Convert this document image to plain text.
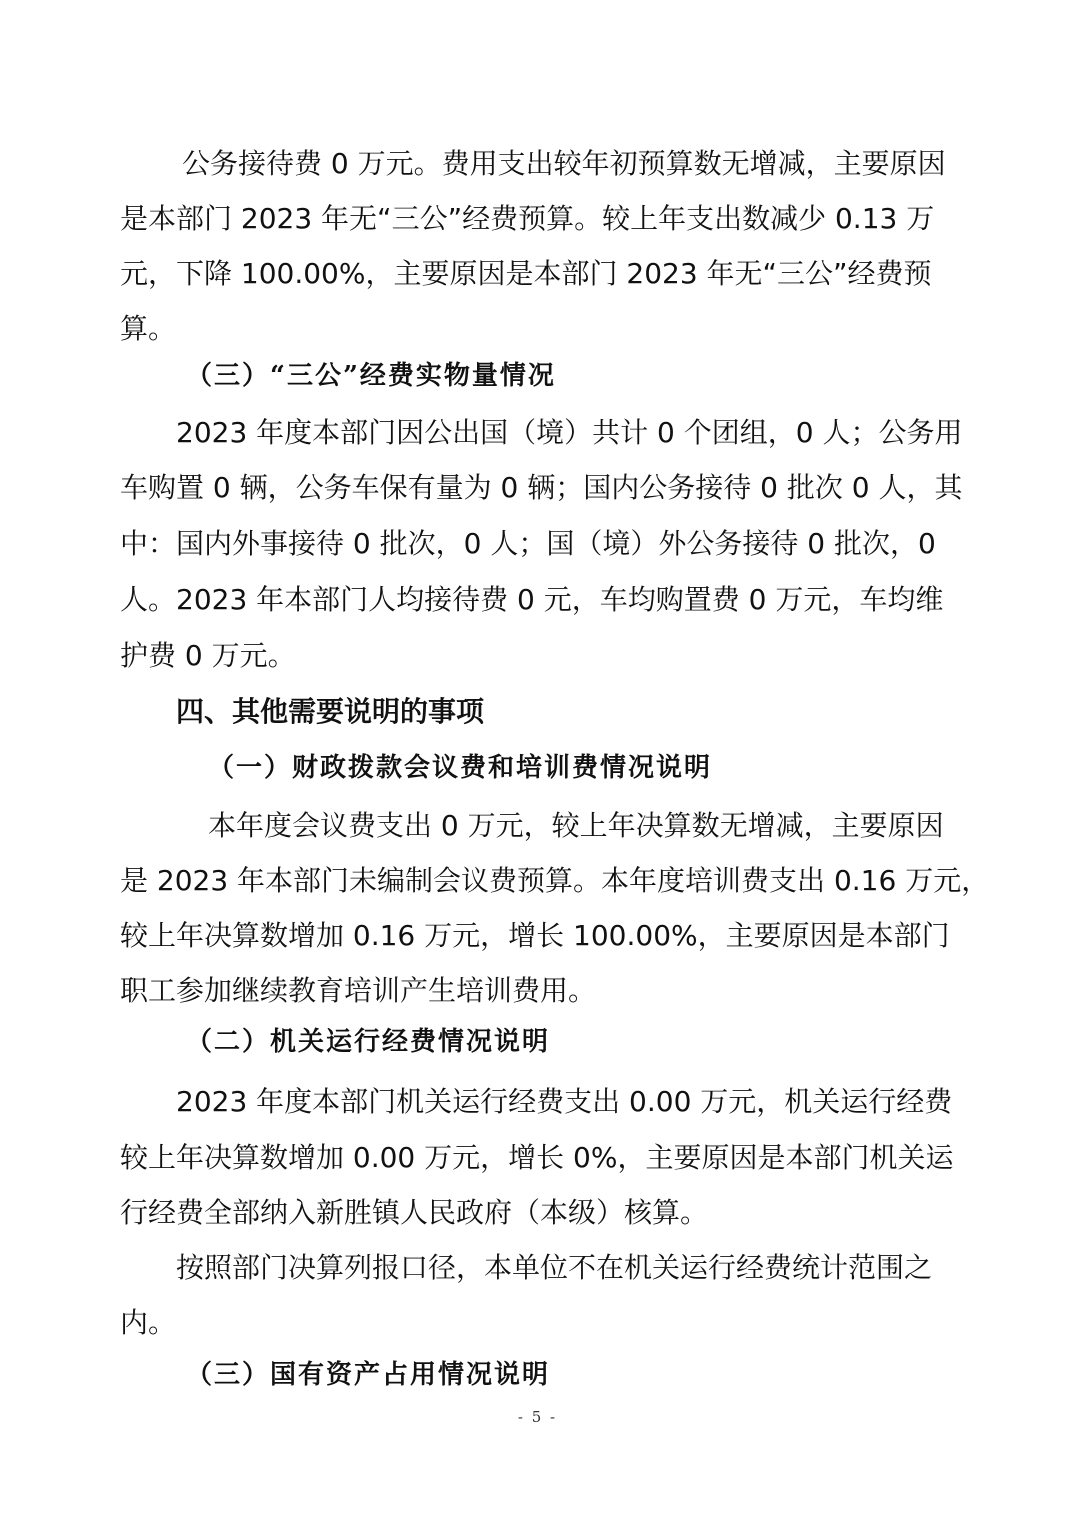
公务接待费 0 万元。费用支出较年初预算数无增减，主要原因

是本部门 2023 年无“三公”经费预算。较上年支出数减少 0.13 万

元，下降 100.00%，主要原因是本部门 2023 年无“三公”经费预

算。

（三）“三公”经费实物量情况

2023 年度本部门因公出国（境）共计 0 个团组，0 人；公务用

车购置 0 辆，公务车保有量为 0 辆；国内公务接待 0 批次 0 人，其

中：国内外事接待 0 批次，0 人；国（境）外公务接待 0 批次，0

人。2023 年本部门人均接待费 0 元，车均购置费 0 万元，车均维

护费 0 万元。

四、其他需要说明的事项

（一）财政拨款会议费和培训费情况说明

本年度会议费支出 0 万元，较上年决算数无增减，主要原因

是 2023 年本部门未编制会议费预算。本年度培训费支出 0.16 万元，

较上年决算数增加 0.16 万元，增长 100.00%，主要原因是本部门

职工参加继续教育培训产生培训费用。

（二）机关运行经费情况说明

2023 年度本部门机关运行经费支出 0.00 万元，机关运行经费

较上年决算数增加 0.00 万元，增长 0%，主要原因是本部门机关运

行经费全部纳入新胜镇人民政府（本级）核算。

按照部门决算列报口径，本单位不在机关运行经费统计范围之

内。

（三）国有资产占用情况说明

- 5 -
